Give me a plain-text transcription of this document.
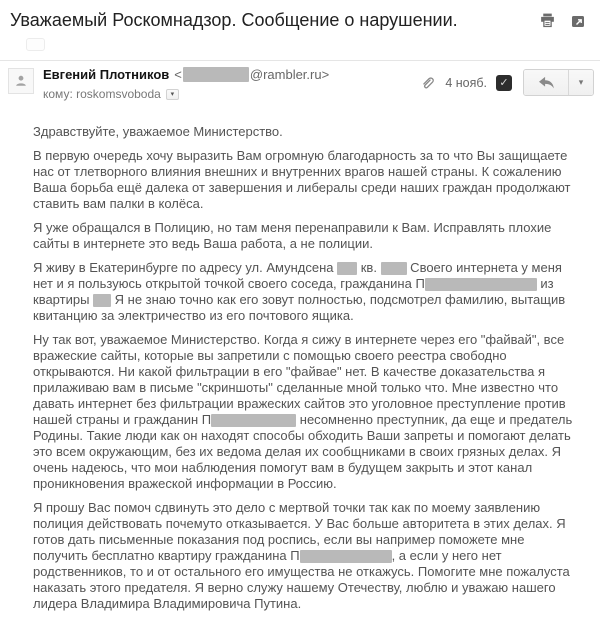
Уважаемый Роскомнадзор. Сообщение о нарушении.
Евгений Плотников <	@rambler.ru>
кому: roskomsvoboda ▾
4 нояб. ✓	▾

Здравствуйте, уважаемое Министерство.

В первую очередь хочу выразить Вам огромную благодарность за то что Вы защищаете нас от тлетворного влияния внешних и внутренних врагов нашей страны. К сожалению Ваша борьба ещё далека от завершения и либералы среди наших граждан продолжают ставить вам палки в колёса.

Я уже обращался в Полицию, но там меня перенаправили к Вам. Исправлять плохие сайты в интернете это ведь Ваша работа, а не полиции.

Я живу в Екатеринбурге по адресу ул. Амундсена  кв.  Своего интернета у меня нет и я пользуюсь открытой точкой своего соседа, гражданина П	из квартиры  Я не знаю точно как его зовут полностью, подсмотрел фамилию, вытащив квитанцию за электричество из его почтового ящика.

Ну так вот, уважаемое Министерство. Когда я сижу в интернете через его "файвай", все вражеские сайты, которые вы запретили с помощью своего реестра свободно открываются. Ни какой фильтрации в его "файвае" нет. В качестве доказательства я прилаживаю вам в письме "скриншоты" сделанные мной только что. Мне известно что давать интернет без фильтрации вражеских сайтов это уголовное преступление против нашей страны и гражданин П	несомненно преступник, да еще и предатель Родины. Такие люди как он находят способы обходить Ваши запреты и помогают делать это всем окружающим, без их ведома делая их сообщниками в своих грязных делах. Я очень надеюсь, что мои наблюдения помогут вам в будущем закрыть и этот канал проникновения вражеской информации в Россию.

Я прошу Вас помоч сдвинуть это дело с мертвой точки так как по моему заявлению полиция действовать почемуто отказывается. У Вас больше авторитета в этих делах. Я готов дать письменные показания под роспись, если вы например поможете мне получить бесплатно квартиру гражданина П	, а если у него нет родственников, то и от остального его имущества не откажусь. Помогите мне пожалуста наказать этого предателя. Я верно служу нашему Отечеству, люблю и уважаю нашего лидера Владимира Владимировича Путина.
